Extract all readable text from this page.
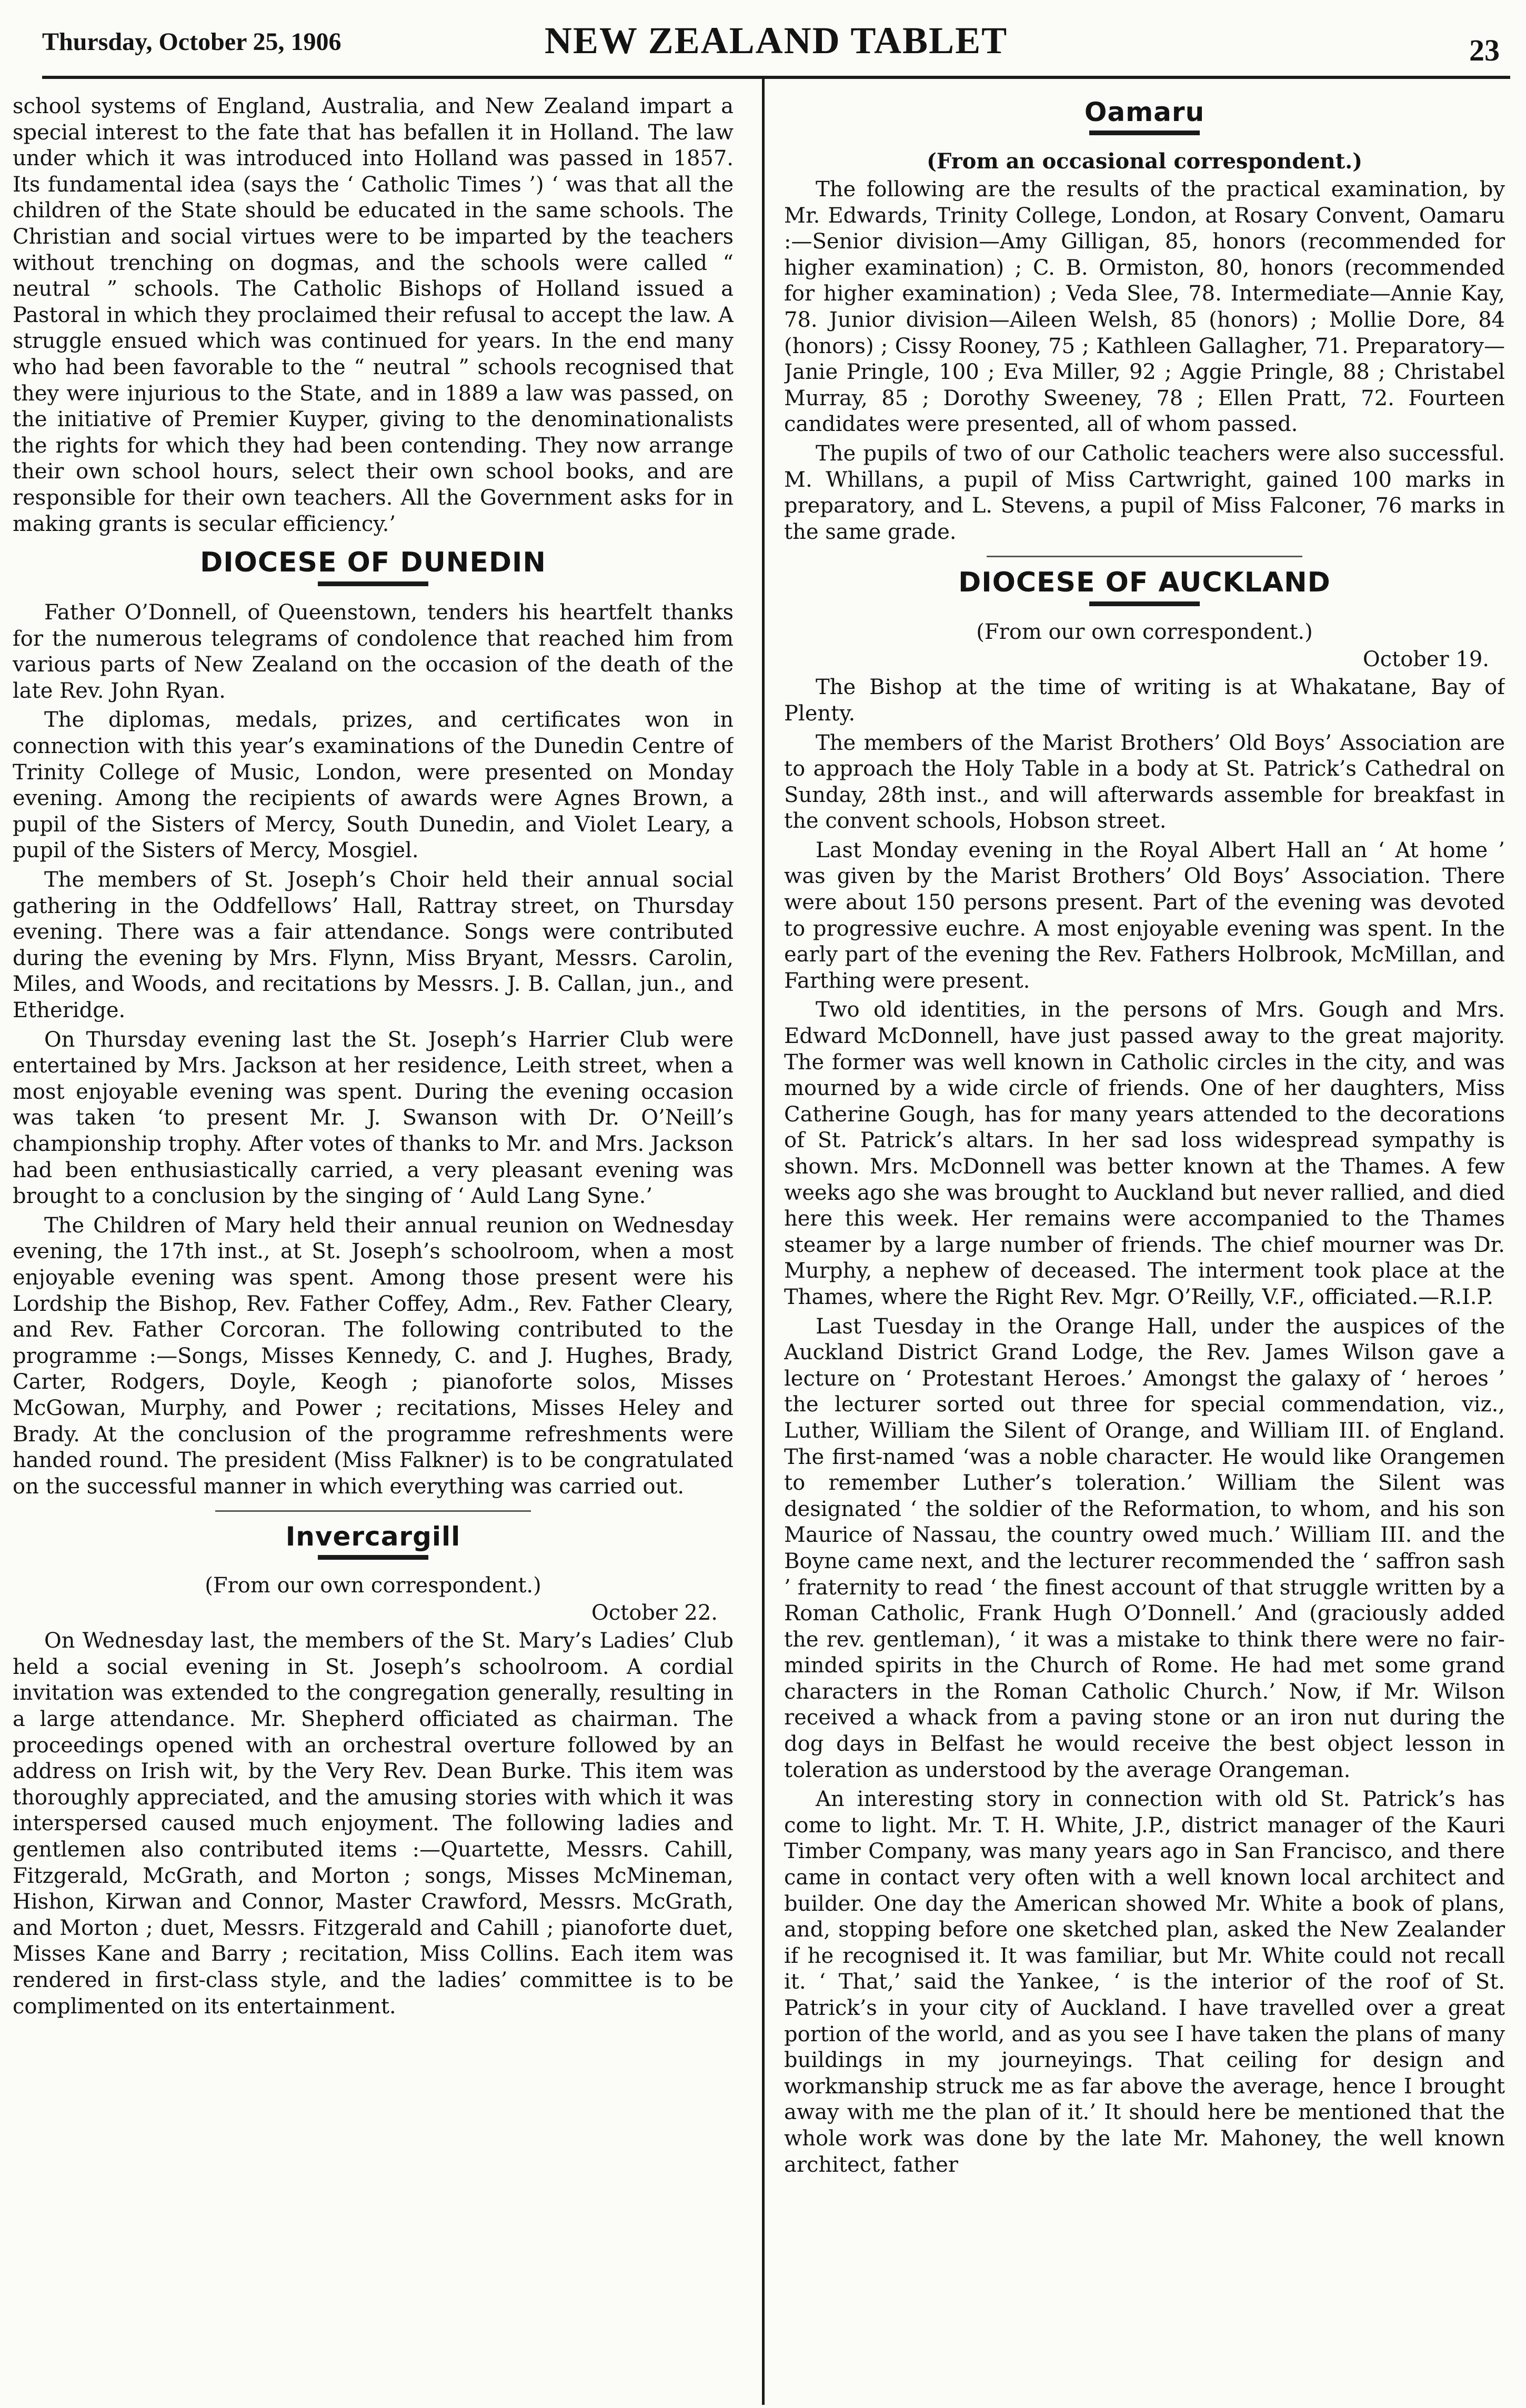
Thursday, October 25, 1906	NEW ZEALAND TABLET	23

school systems of England, Australia, and New Zealand impart a special interest to the fate that has befallen it in Holland. The law under which it was introduced into Holland was passed in 1857. Its fundamental idea (says the ‘ Catholic Times ’) ‘ was that all the children of the State should be educated in the same schools. The Christian and social virtues were to be imparted by the teachers without trenching on dogmas, and the schools were called “ neutral ” schools. The Catholic Bishops of Holland issued a Pastoral in which they proclaimed their refusal to accept the law. A struggle ensued which was continued for years. In the end many who had been favorable to the “ neutral ” schools recognised that they were injurious to the State, and in 1889 a law was passed, on the initiative of Premier Kuyper, giving to the denominationalists the rights for which they had been contending. They now arrange their own school hours, select their own school books, and are responsible for their own teachers. All the Government asks for in making grants is secular efficiency.’

DIOCESE OF DUNEDIN

Father O’Donnell, of Queenstown, tenders his heartfelt thanks for the numerous telegrams of condolence that reached him from various parts of New Zealand on the occasion of the death of the late Rev. John Ryan.

The diplomas, medals, prizes, and certificates won in connection with this year’s examinations of the Dunedin Centre of Trinity College of Music, London, were presented on Monday evening. Among the recipients of awards were Agnes Brown, a pupil of the Sisters of Mercy, South Dunedin, and Violet Leary, a pupil of the Sisters of Mercy, Mosgiel.

The members of St. Joseph’s Choir held their annual social gathering in the Oddfellows’ Hall, Rattray street, on Thursday evening. There was a fair attendance. Songs were contributed during the evening by Mrs. Flynn, Miss Bryant, Messrs. Carolin, Miles, and Woods, and recitations by Messrs. J. B. Callan, jun., and Etheridge.

On Thursday evening last the St. Joseph’s Harrier Club were entertained by Mrs. Jackson at her residence, Leith street, when a most enjoyable evening was spent. During the evening occasion was taken ‘to present Mr. J. Swanson with Dr. O’Neill’s championship trophy. After votes of thanks to Mr. and Mrs. Jackson had been enthusiastically carried, a very pleasant evening was brought to a conclusion by the singing of ‘ Auld Lang Syne.’

The Children of Mary held their annual reunion on Wednesday evening, the 17th inst., at St. Joseph’s schoolroom, when a most enjoyable evening was spent. Among those present were his Lordship the Bishop, Rev. Father Coffey, Adm., Rev. Father Cleary, and Rev. Father Corcoran. The following contributed to the programme :—Songs, Misses Kennedy, C. and J. Hughes, Brady, Carter, Rodgers, Doyle, Keogh ; pianoforte solos, Misses McGowan, Murphy, and Power ; recitations, Misses Heley and Brady. At the conclusion of the programme refreshments were handed round. The president (Miss Falkner) is to be congratulated on the successful manner in which everything was carried out.

Invercargill
(From our own correspondent.)
October 22.

On Wednesday last, the members of the St. Mary’s Ladies’ Club held a social evening in St. Joseph’s schoolroom. A cordial invitation was extended to the congregation generally, resulting in a large attendance. Mr. Shepherd officiated as chairman. The proceedings opened with an orchestral overture followed by an address on Irish wit, by the Very Rev. Dean Burke. This item was thoroughly appreciated, and the amusing stories with which it was interspersed caused much enjoyment. The following ladies and gentlemen also contributed items :—Quartette, Messrs. Cahill, Fitzgerald, McGrath, and Morton ; songs, Misses McMineman, Hishon, Kirwan and Connor, Master Crawford, Messrs. McGrath, and Morton ; duet, Messrs. Fitzgerald and Cahill ; pianoforte duet, Misses Kane and Barry ; recitation, Miss Collins. Each item was rendered in first-class style, and the ladies’ committee is to be complimented on its entertainment.

Oamaru
(From an occasional correspondent.)

The following are the results of the practical examination, by Mr. Edwards, Trinity College, London, at Rosary Convent, Oamaru :—Senior division—Amy Gilligan, 85, honors (recommended for higher examination) ; C. B. Ormiston, 80, honors (recommended for higher examination) ; Veda Slee, 78. Intermediate—Annie Kay, 78. Junior division—Aileen Welsh, 85 (honors) ; Mollie Dore, 84 (honors) ; Cissy Rooney, 75 ; Kathleen Gallagher, 71. Preparatory—Janie Pringle, 100 ; Eva Miller, 92 ; Aggie Pringle, 88 ; Christabel Murray, 85 ; Dorothy Sweeney, 78 ; Ellen Pratt, 72. Fourteen candidates were presented, all of whom passed.

The pupils of two of our Catholic teachers were also successful. M. Whillans, a pupil of Miss Cartwright, gained 100 marks in preparatory, and L. Stevens, a pupil of Miss Falconer, 76 marks in the same grade.

DIOCESE OF AUCKLAND
(From our own correspondent.)
October 19.

The Bishop at the time of writing is at Whakatane, Bay of Plenty.

The members of the Marist Brothers’ Old Boys’ Association are to approach the Holy Table in a body at St. Patrick’s Cathedral on Sunday, 28th inst., and will afterwards assemble for breakfast in the convent schools, Hobson street.

Last Monday evening in the Royal Albert Hall an ‘ At home ’ was given by the Marist Brothers’ Old Boys’ Association. There were about 150 persons present. Part of the evening was devoted to progressive euchre. A most enjoyable evening was spent. In the early part of the evening the Rev. Fathers Holbrook, McMillan, and Farthing were present.

Two old identities, in the persons of Mrs. Gough and Mrs. Edward McDonnell, have just passed away to the great majority. The former was well known in Catholic circles in the city, and was mourned by a wide circle of friends. One of her daughters, Miss Catherine Gough, has for many years attended to the decorations of St. Patrick’s altars. In her sad loss widespread sympathy is shown. Mrs. McDonnell was better known at the Thames. A few weeks ago she was brought to Auckland but never rallied, and died here this week. Her remains were accompanied to the Thames steamer by a large number of friends. The chief mourner was Dr. Murphy, a nephew of deceased. The interment took place at the Thames, where the Right Rev. Mgr. O’Reilly, V.F., officiated.—R.I.P.

Last Tuesday in the Orange Hall, under the auspices of the Auckland District Grand Lodge, the Rev. James Wilson gave a lecture on ‘ Protestant Heroes.’ Amongst the galaxy of ‘ heroes ’ the lecturer sorted out three for special commendation, viz., Luther, William the Silent of Orange, and William III. of England. The first-named ‘was a noble character. He would like Orangemen to remember Luther’s toleration.’ William the Silent was designated ‘ the soldier of the Reformation, to whom, and his son Maurice of Nassau, the country owed much.’ William III. and the Boyne came next, and the lecturer recommended the ‘ saffron sash ’ fraternity to read ‘ the finest account of that struggle written by a Roman Catholic, Frank Hugh O’Donnell.’ And (graciously added the rev. gentleman), ‘ it was a mistake to think there were no fair-minded spirits in the Church of Rome. He had met some grand characters in the Roman Catholic Church.’ Now, if Mr. Wilson received a whack from a paving stone or an iron nut during the dog days in Belfast he would receive the best object lesson in toleration as understood by the average Orangeman.

An interesting story in connection with old St. Patrick’s has come to light. Mr. T. H. White, J.P., district manager of the Kauri Timber Company, was many years ago in San Francisco, and there came in contact very often with a well known local architect and builder. One day the American showed Mr. White a book of plans, and, stopping before one sketched plan, asked the New Zealander if he recognised it. It was familiar, but Mr. White could not recall it. ‘ That,’ said the Yankee, ‘ is the interior of the roof of St. Patrick’s in your city of Auckland. I have travelled over a great portion of the world, and as you see I have taken the plans of many buildings in my journeyings. That ceiling for design and workmanship struck me as far above the average, hence I brought away with me the plan of it.’ It should here be mentioned that the whole work was done by the late Mr. Mahoney, the well known architect, father
